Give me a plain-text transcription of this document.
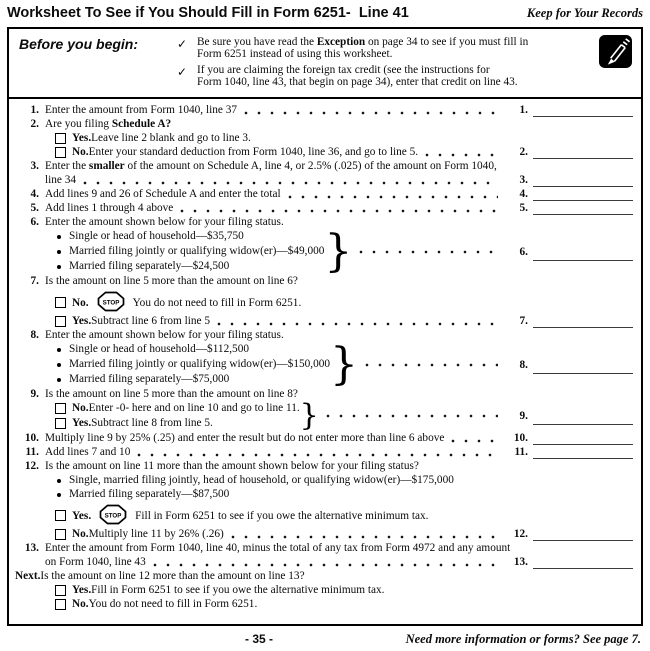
Worksheet To See if You Should Fill in Form 6251-  Line 41	Keep for Your Records
Before you begin:	✓ Be sure you have read the Exception on page 34 to see if you must fill in
Form 6251 instead of using this worksheet.
✓ If you are claiming the foreign tax credit (see the instructions for
Form 1040, line 43, that begin on page 34), enter that credit on line 43.
1. Enter the amount from Form 1040, line 37	1.
2. Are you filing Schedule A?
Yes. Leave line 2 blank and go to line 3.
No. Enter your standard deduction from Form 1040, line 36, and go to line 5.	2.
3. Enter the smaller of the amount on Schedule A, line 4, or 2.5% (.025) of the amount on Form 1040,
line 34	3.
4. Add lines 9 and 26 of Schedule A and enter the total	4.
5. Add lines 1 through 4 above	5.
6. Enter the amount shown below for your filing status.
Single or head of household—$35,750
Married filing jointly or qualifying widow(er)—$49,000
Married filing separately—$24,500
}
6.
7. Is the amount on line 5 more than the amount on line 6?
No. STOP You do not need to fill in Form 6251.
Yes. Subtract line 6 from line 5	7.
8. Enter the amount shown below for your filing status.
Single or head of household—$112,500
Married filing jointly or qualifying widow(er)—$150,000
Married filing separately—$75,000
}
8.
9. Is the amount on line 5 more than the amount on line 8?
No. Enter -0- here and on line 10 and go to line 11.
Yes. Subtract line 8 from line 5.
}
9.
10. Multiply line 9 by 25% (.25) and enter the result but do not enter more than line 6 above	10.
11. Add lines 7 and 10	11.
12. Is the amount on line 11 more than the amount shown below for your filing status?
Single, married filing jointly, head of household, or qualifying widow(er)—$175,000
Married filing separately—$87,500
Yes. STOP Fill in Form 6251 to see if you owe the alternative minimum tax.
No. Multiply line 11 by 26% (.26)	12.
13. Enter the amount from Form 1040, line 40, minus the total of any tax from Form 4972 and any amount
on Form 1040, line 43	13.
Next. Is the amount on line 12 more than the amount on line 13?
Yes. Fill in Form 6251 to see if you owe the alternative minimum tax.
No. You do not need to fill in Form 6251.
- 35 -	Need more information or forms? See page 7.
